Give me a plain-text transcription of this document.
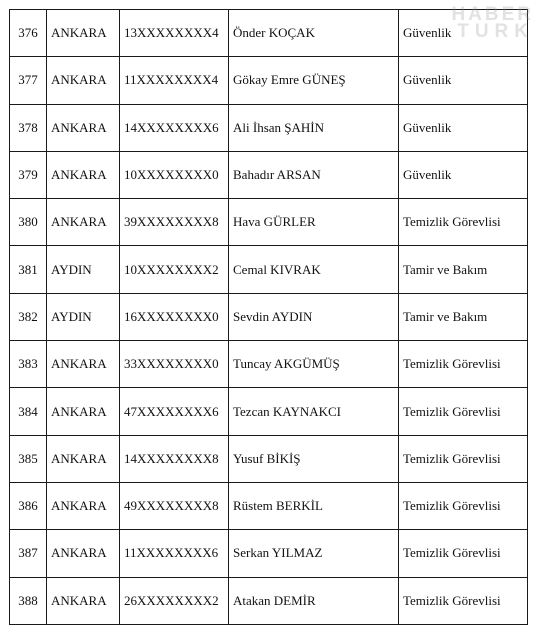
376	ANKARA	13XXXXXXXX4	Önder KOÇAK	Güvenlik
377	ANKARA	11XXXXXXXX4	Gökay Emre GÜNEŞ	Güvenlik
378	ANKARA	14XXXXXXXX6	Ali İhsan ŞAHİN	Güvenlik
379	ANKARA	10XXXXXXXX0	Bahadır ARSAN	Güvenlik
380	ANKARA	39XXXXXXXX8	Hava GÜRLER	Temizlik Görevlisi
381	AYDIN	10XXXXXXXX2	Cemal KIVRAK	Tamir ve Bakım
382	AYDIN	16XXXXXXXX0	Sevdin AYDIN	Tamir ve Bakım
383	ANKARA	33XXXXXXXX0	Tuncay AKGÜMÜŞ	Temizlik Görevlisi
384	ANKARA	47XXXXXXXX6	Tezcan KAYNAKCI	Temizlik Görevlisi
385	ANKARA	14XXXXXXXX8	Yusuf BİKİŞ	Temizlik Görevlisi
386	ANKARA	49XXXXXXXX8	Rüstem BERKİL	Temizlik Görevlisi
387	ANKARA	11XXXXXXXX6	Serkan YILMAZ	Temizlik Görevlisi
388	ANKARA	26XXXXXXXX2	Atakan DEMİR	Temizlik Görevlisi
HABER
TURK
